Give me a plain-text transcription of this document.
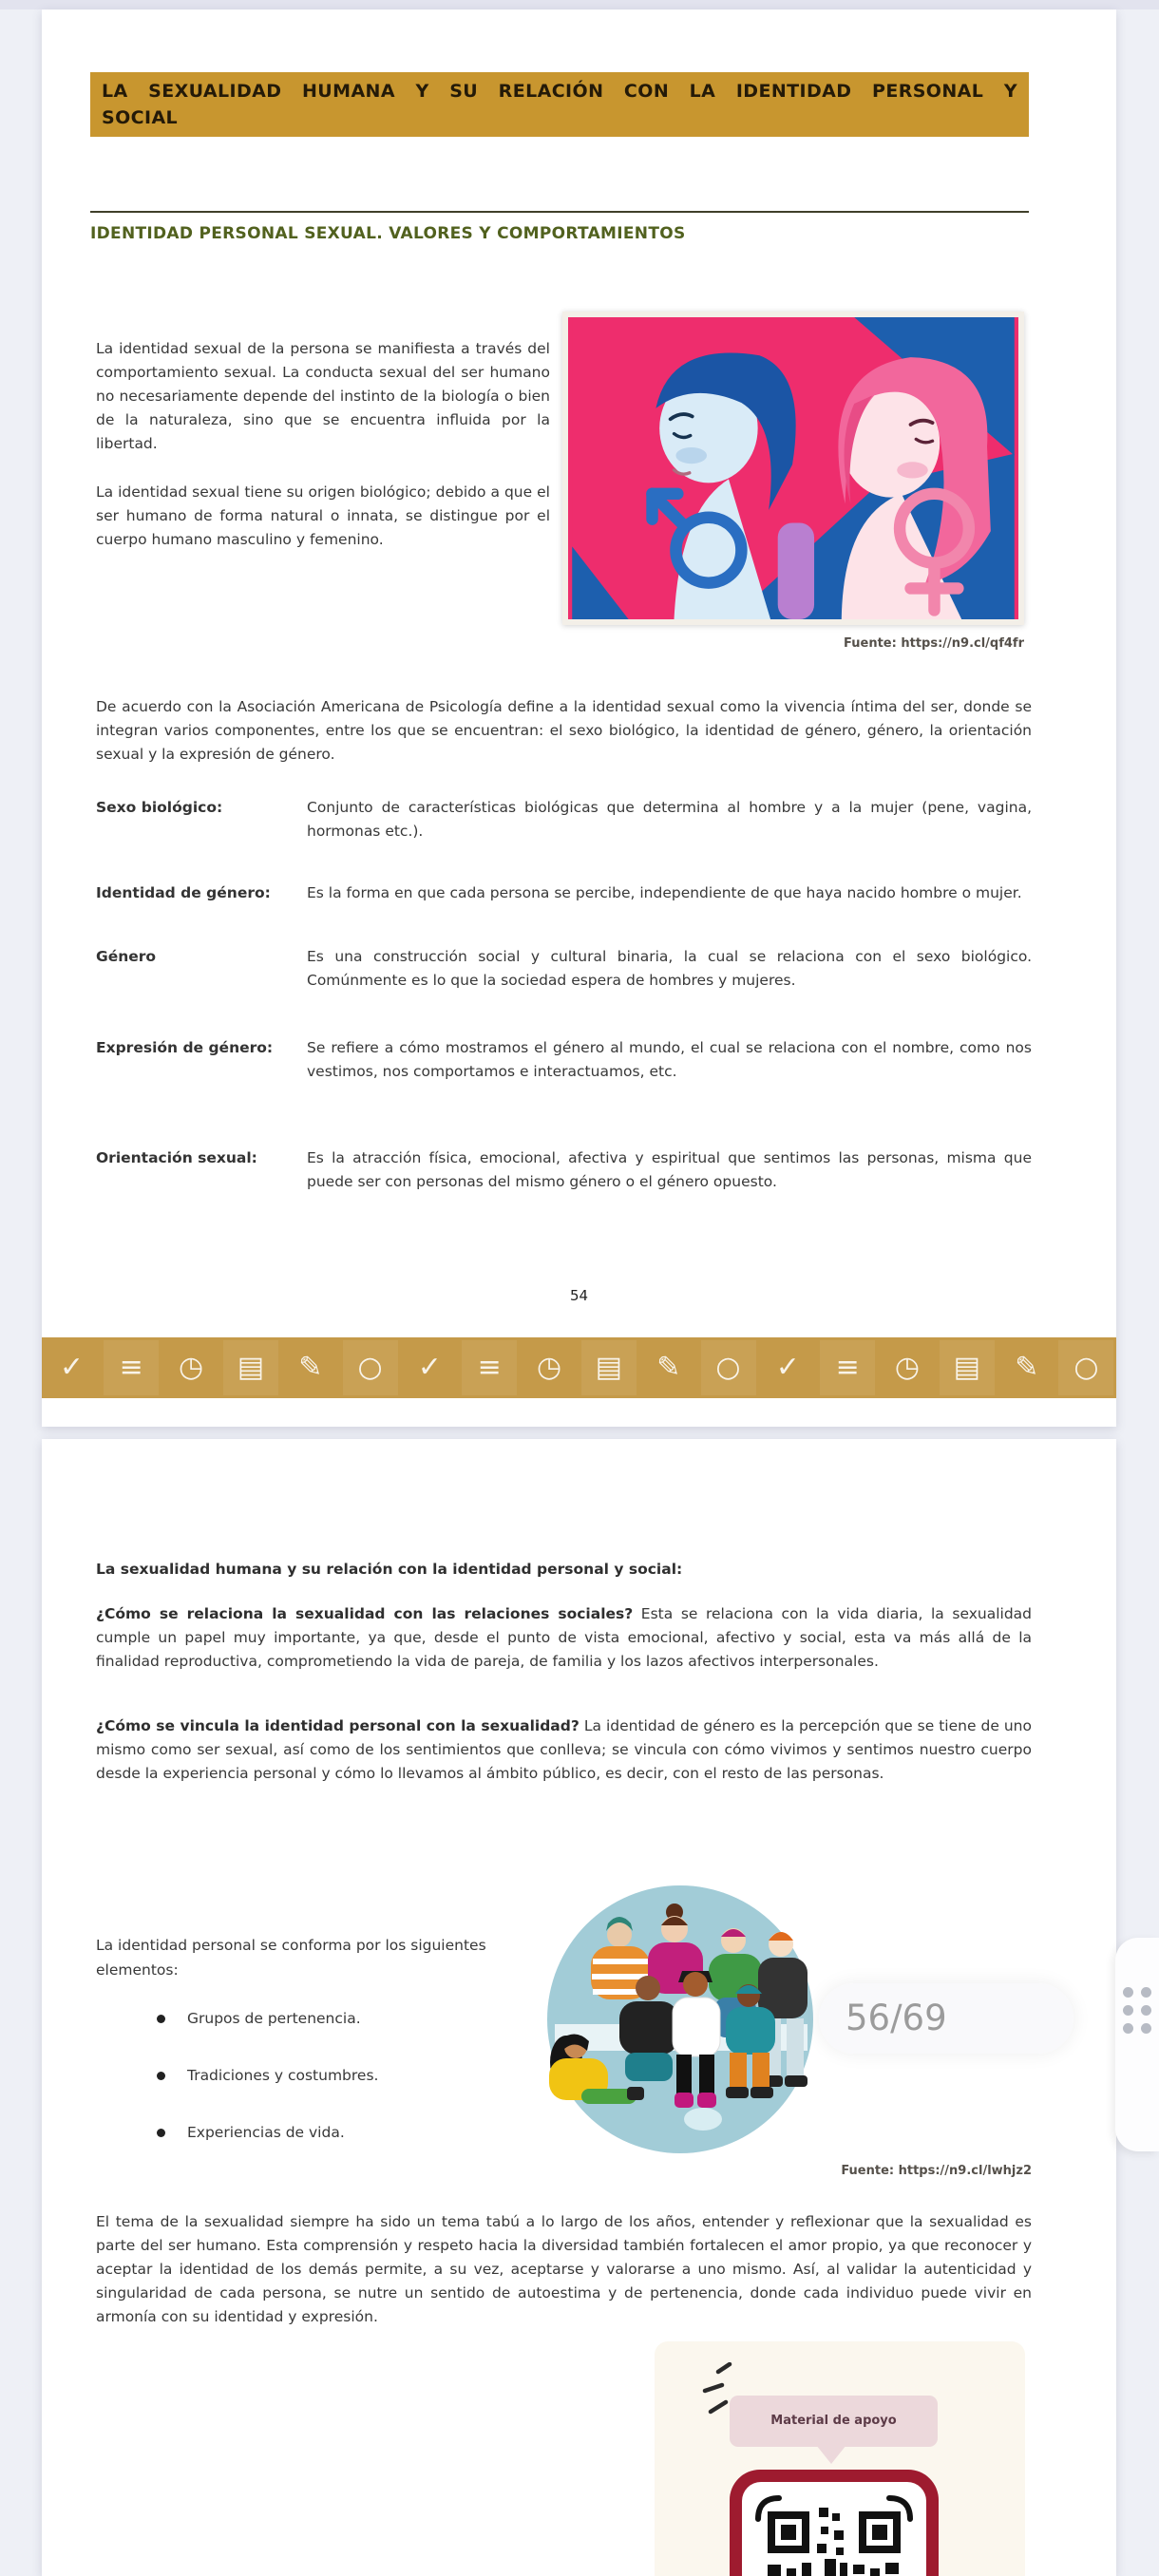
LA SEXUALIDAD HUMANA Y SU RELACIÓN CON LA IDENTIDAD PERSONAL Y
SOCIAL
IDENTIDAD PERSONAL SEXUAL. VALORES Y COMPORTAMIENTOS

La identidad sexual de la persona se manifiesta a través del comportamiento sexual. La conducta sexual del ser humano no necesariamente depende del instinto de la biología o bien de la naturaleza, sino que se encuentra influida por la libertad.

La identidad sexual tiene su origen biológico; debido a que el ser humano de forma natural o innata, se distingue por el cuerpo humano masculino y femenino.

Fuente: https://n9.cl/qf4fr

De acuerdo con la Asociación Americana de Psicología define a la identidad sexual como la vivencia íntima del ser, donde se integran varios componentes, entre los que se encuentran: el sexo biológico, la identidad de género, género, la orientación sexual y la expresión de género.

Sexo biológico:	Conjunto de características biológicas que determina al hombre y a la mujer (pene, vagina, hormonas etc.).
Identidad de género:	Es la forma en que cada persona se percibe, independiente de que haya nacido hombre o mujer.
Género	Es una construcción social y cultural binaria, la cual se relaciona con el sexo biológico. Comúnmente es lo que la sociedad espera de hombres y mujeres.
Expresión de género:	Se refiere a cómo mostramos el género al mundo, el cual se relaciona con el nombre, como nos vestimos, nos comportamos e interactuamos, etc.
Orientación sexual:	Es la atracción física, emocional, afectiva y espiritual que sentimos las personas, misma que puede ser con personas del mismo género o el género opuesto.
54
✓	≡	◷	▤	✎	○	✓	≡	◷	▤	✎	○	✓	≡	◷	▤	✎	○

La sexualidad humana y su relación con la identidad personal y social:

¿Cómo se relaciona la sexualidad con las relaciones sociales? Esta se relaciona con la vida diaria, la sexualidad cumple un papel muy importante, ya que, desde el punto de vista emocional, afectivo y social, esta va más allá de la finalidad reproductiva, comprometiendo la vida de pareja, de familia y los lazos afectivos interpersonales.

¿Cómo se vincula la identidad personal con la sexualidad? La identidad de género es la percepción que se tiene de uno mismo como ser sexual, así como de los sentimientos que conlleva; se vincula con cómo vivimos y sentimos nuestro cuerpo desde la experiencia personal y cómo lo llevamos al ámbito público, es decir, con el resto de las personas.

La identidad personal se conforma por los siguientes elementos:

Grupos de pertenencia.
Tradiciones y costumbres.
Experiencias de vida.
Fuente: https://n9.cl/lwhjz2

El tema de la sexualidad siempre ha sido un tema tabú a lo largo de los años, entender y reflexionar que la sexualidad es parte del ser humano. Esta comprensión y respeto hacia la diversidad también fortalecen el amor propio, ya que reconocer y aceptar la identidad de los demás permite, a su vez, aceptarse y valorarse a uno mismo. Así, al validar la autenticidad y singularidad de cada persona, se nutre un sentido de autoestima y de pertenencia, donde cada individuo puede vivir en armonía con su identidad y expresión.

Material de apoyo
56/69
